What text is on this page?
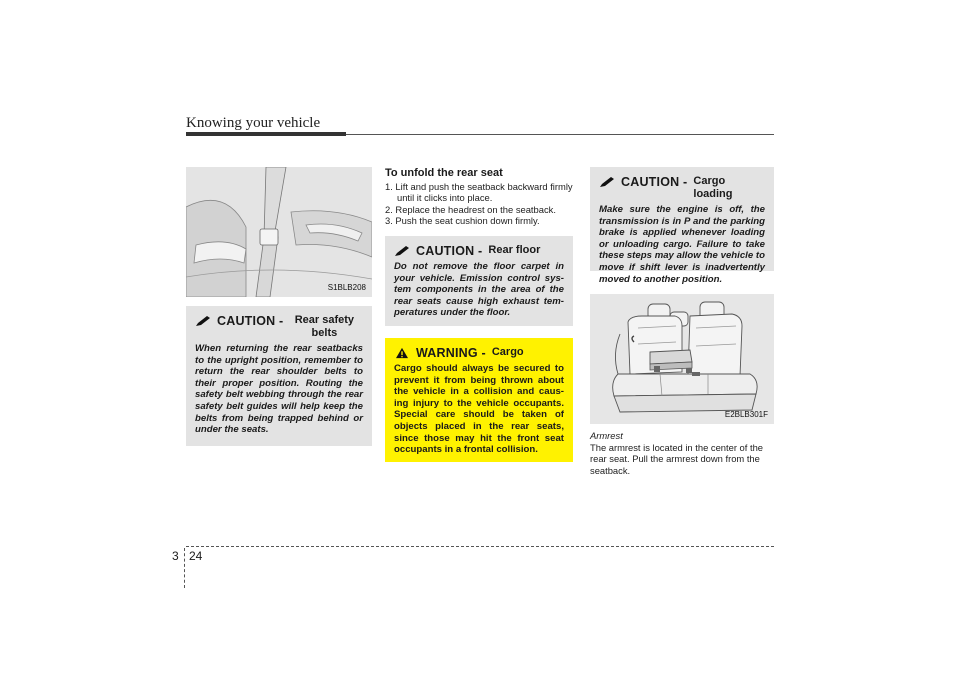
Knowing your vehicle
S1BLB208
CAUTION -	Rear safety belts
When returning the rear seatbacks to the upright position, remember to return the rear shoulder belts to their proper position. Routing the safety belt webbing through the rear safety belt guides will help keep the belts from being trapped behind or under the seats.
To unfold the rear seat
1. Lift and push the seatback backward firmly until it clicks into place.
2. Replace the headrest on the seatback.
3. Push the seat cushion down firmly.
CAUTION - Rear floor
Do not remove the floor carpet in your vehicle. Emission control sys-tem components in the area of the rear seats cause high exhaust tem-peratures under the floor.
WARNING - Cargo
Cargo should always be secured to prevent it from being thrown about the vehicle in a collision and caus-ing injury to the vehicle occupants. Special care should be taken of objects placed in the rear seats, since those may hit the front seat occupants in a frontal collision.
CAUTION - Cargo loading
Make sure the engine is off, the transmission is in P and the parking brake is applied whenever loading or unloading cargo. Failure to take these steps may allow the vehicle to move if shift lever is inadvertently moved to another position.
E2BLB301F
Armrest
The armrest is located in the center of the rear seat. Pull the armrest down from the seatback.
3 24
